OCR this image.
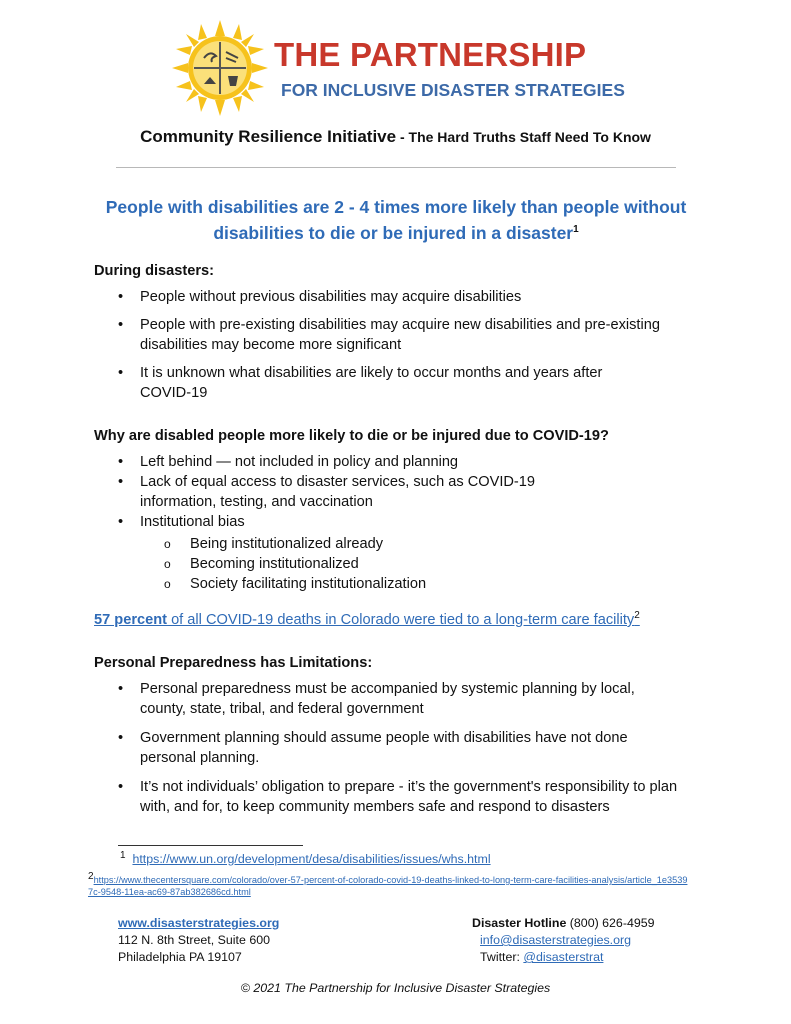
THE PARTNERSHIP
FOR INCLUSIVE DISASTER STRATEGIES
Community Resilience Initiative - The Hard Truths Staff Need To Know
People with disabilities are 2 - 4 times more likely than people without disabilities to die or be injured in a disaster$^1$
During disasters:
• People without previous disabilities may acquire disabilities
• People with pre-existing disabilities may acquire new disabilities and pre-existing disabilities may become more significant
• It is unknown what disabilities are likely to occur months and years after COVID-19
Why are disabled people more likely to die or be injured due to COVID-19?
• Left behind — not included in policy and planning
• Lack of equal access to disaster services, such as COVID-19 information, testing, and vaccination
• Institutional bias
o Being institutionalized already
o Becoming institutionalized
o Society facilitating institutionalization
57 percent of all COVID-19 deaths in Colorado were tied to a long-term care facility$^2$
Personal Preparedness has Limitations:
• Personal preparedness must be accompanied by systemic planning by local, county, state, tribal, and federal government
• Government planning should assume people with disabilities have not done personal planning.
• It’s not individuals’ obligation to prepare - it’s the government's responsibility to plan with, and for, to keep community members safe and respond to disasters
$^1$ https://www.un.org/development/desa/disabilities/issues/whs.html
2https://www.thecentersquare.com/colorado/over-57-percent-of-colorado-covid-19-deaths-linked-to-long-term-care-facilities-analysis/article_1e35397c-9548-11ea-ac69-87ab382686cd.html
www.disasterstrategies.org
112 N. 8th Street, Suite 600
Philadelphia PA 19107
Disaster Hotline (800) 626-4959
info@disasterstrategies.org
Twitter: @disasterstrat
© 2021 The Partnership for Inclusive Disaster Strategies
